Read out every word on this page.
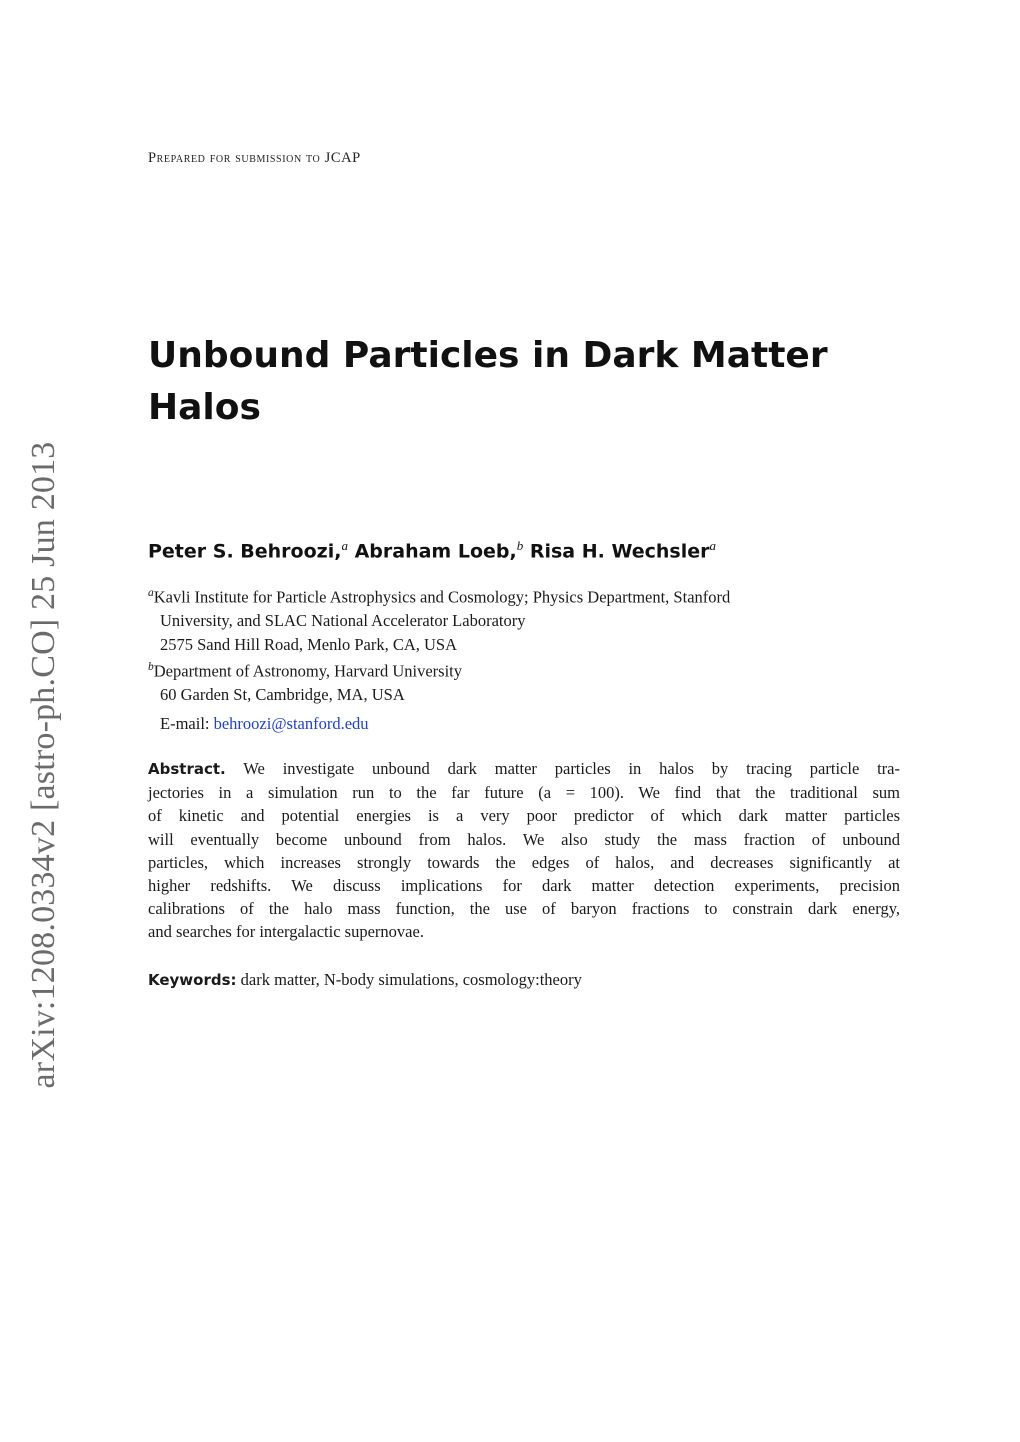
Prepared for submission to JCAP
arXiv:1208.0334v2 [astro-ph.CO] 25 Jun 2013
Unbound Particles in Dark Matter
Halos
Peter S. Behroozi,$^a$ Abraham Loeb,$^b$ Risa H. Wechsler$^a$
$^a$Kavli Institute for Particle Astrophysics and Cosmology; Physics Department, Stanford
University, and SLAC National Accelerator Laboratory
2575 Sand Hill Road, Menlo Park, CA, USA
$^b$Department of Astronomy, Harvard University
60 Garden St, Cambridge, MA, USA
E-mail: behroozi@stanford.edu
Abstract. We investigate unbound dark matter particles in halos by tracing particle tra-
jectories in a simulation run to the far future (a = 100). We find that the traditional sum
of kinetic and potential energies is a very poor predictor of which dark matter particles
will eventually become unbound from halos. We also study the mass fraction of unbound
particles, which increases strongly towards the edges of halos, and decreases significantly at
higher redshifts. We discuss implications for dark matter detection experiments, precision
calibrations of the halo mass function, the use of baryon fractions to constrain dark energy,
and searches for intergalactic supernovae.
Keywords: dark matter, N-body simulations, cosmology:theory
